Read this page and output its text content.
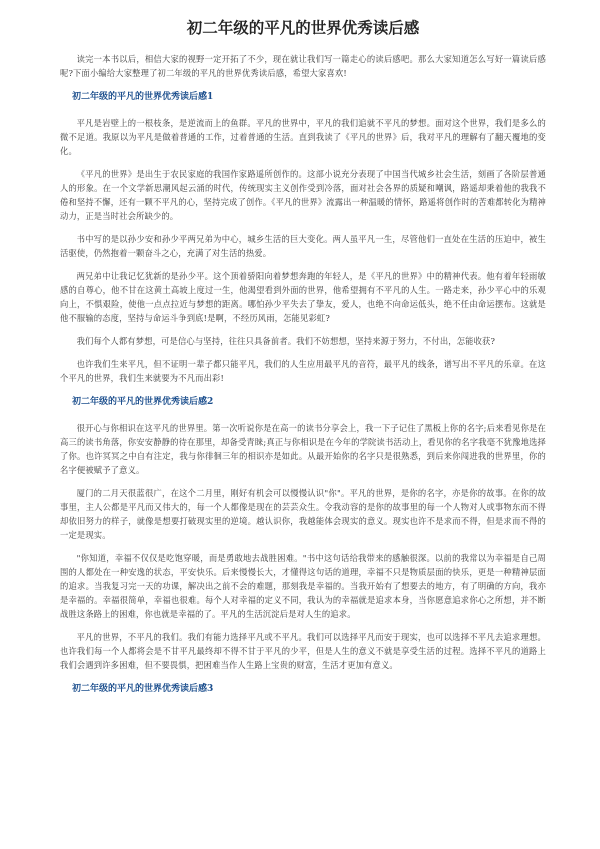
初二年级的平凡的世界优秀读后感

读完一本书以后，相信大家的视野一定开拓了不少，现在就让我们写一篇走心的读后感吧。那么大家知道怎么写好一篇读后感呢?下面小编给大家整理了初二年级的平凡的世界优秀读后感，希望大家喜欢!

初二年级的平凡的世界优秀读后感1

平凡是岩壁上的一根枝条，是逆流而上的鱼群。平凡的世界中，平凡的我们追就不平凡的梦想。面对这个世界，我们是多么的微不足道。我原以为平凡是做着普通的工作，过着普通的生活。直到我读了《平凡的世界》后，我对平凡的理解有了翻天覆地的变化。

《平凡的世界》是出生于农民家庭的我国作家路遥所创作的。这部小说充分表现了中国当代城乡社会生活，刻画了各阶层普通人的形象。在一个文学新思潮风起云涌的时代，传统现实主义创作受到冷落，面对社会各界的质疑和嘲讽，路遥却秉着他的我我不倦和坚持不懈，还有一颗不平凡的心，坚持完成了创作。《平凡的世界》流露出一种温暖的情怀，路遥将创作时的苦难都转化为精神动力，正是当时社会所缺少的。

书中写的是以孙少安和孙少平两兄弟为中心，城乡生活的巨大变化。两人虽平凡一生，尽管他们一直处在生活的压迫中，被生活驱使，仍然抱着一颗奋斗之心，充满了对生活的热爱。

两兄弟中让我记忆犹新的是孙少平。这个顶着骄阳向着梦想奔跑的年轻人，是《平凡的世界》中的精神代表。他有着年轻雨敏感的自尊心，他不甘在这黄土高坡上度过一生，他渴望看到外面的世界，他希望拥有不平凡的人生。一路走来，孙少平心中的乐观向上，不惧艰险，使他一点点拉近与梦想的距离。哪怕孙少平失去了挚友，爱人，也绝不向命运低头，绝不任由命运摆布。这就是他不服输的态度，坚持与命运斗争到底!是啊，不经历风雨，怎能见彩虹?

我们每个人都有梦想，可是信心与坚持，往往只具备前者。我们不妨想想，坚持来源于努力，不付出，怎能收获?

也许我们生来平凡，但不证明一辈子都只能平凡，我们的人生应用最平凡的音符，最平凡的线条，谱写出不平凡的乐章。在这个平凡的世界，我们生来就要为不凡而出彩!

初二年级的平凡的世界优秀读后感2

很开心与你相识在这平凡的世界里。第一次听说你是在高一的读书分享会上，我一下子记住了黑板上你的名字;后来看见你是在高三的读书角落，你安安静静的待在那里，却备受青睐;真正与你相识是在今年的学院读书活动上，看见你的名字我毫不犹豫地选择了你。也许冥冥之中自有注定，我与你徘徊三年的相识亦是如此。从最开始你的名字只是很熟悉，到后来你闯进我的世界里，你的名字便被赋予了意义。

厦门的二月天很蓝很广，在这个二月里，刚好有机会可以慢慢认识"你"。平凡的世界，是你的名字，亦是你的故事。在你的故事里，主人公都是平凡而又伟大的，每一个人都像是现在的芸芸众生。令我动容的是你的故事里的每一个人物对人或事物东而不得却依旧努力的样子，就像是想要打破现实里的逆境。越认识你，我越能体会现实的意义。现实也许不是求而不得，但是求而不得的一定是现实。

"你知道，幸福不仅仅是吃饱穿暖，而是勇敢地去战胜困难。"书中这句话给我带来的感触很深。以前的我常以为幸福是自己周围的人都处在一种安逸的状态，平安快乐。后来慢慢长大，才懂得这句话的道理，幸福不只是物质层面的快乐，更是一种精神层面的追求。当我复习完一天的功课，解决出之前不会的难题，那刻我是幸福的。当我开始有了想要去的地方，有了明确的方向，我亦是幸福的。幸福很简单，幸福也很难。每个人对幸福的定义不同，我认为的幸福就是追求本身，当你愿意追求你心之所想，并不断战胜这条路上的困难，你也就是幸福的了。平凡的生活沉淀后是对人生的追求。

平凡的世界，不平凡的我们。我们有能力选择平凡或不平凡。我们可以选择平凡而安于现实，也可以选择不平凡去追求理想。也许我们每一个人都将会是不甘平凡最终却不得不甘于平凡的少平，但是人生的意义不就是享受生活的过程。选择不平凡的道路上我们会遇到许多困难，但不要畏惧，把困难当作人生路上宝贵的财富，生活才更加有意义。

初二年级的平凡的世界优秀读后感3
